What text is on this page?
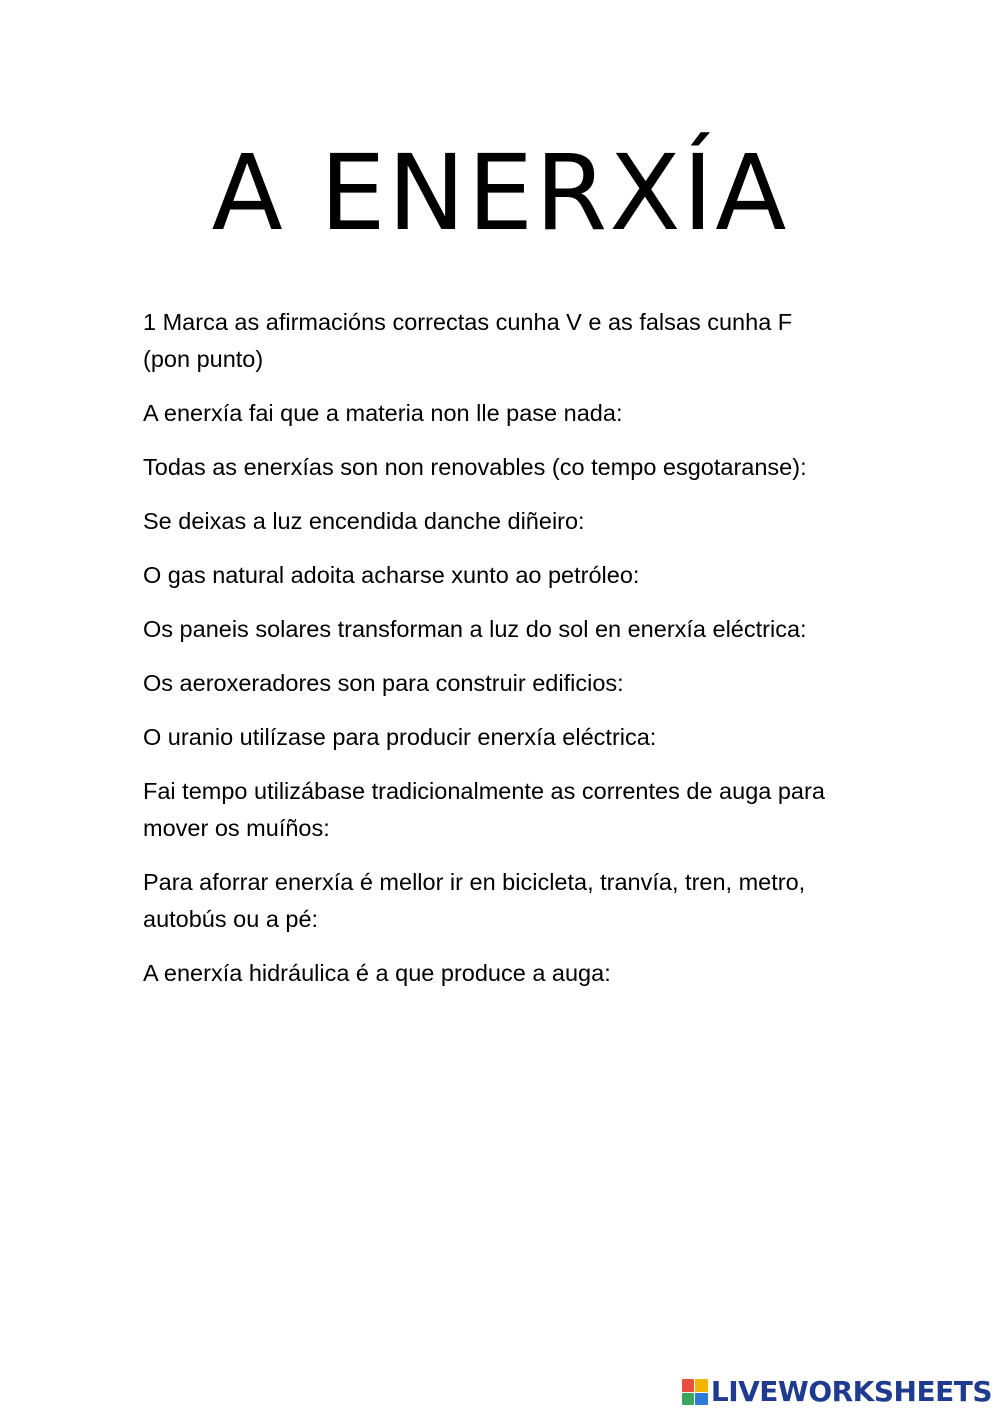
A ENERXÍA

1 Marca as afirmacións correctas cunha V e as falsas cunha F
(pon punto)

A enerxía fai que a materia non lle pase nada:

Todas as enerxías son non renovables (co tempo esgotaranse):

Se deixas a luz encendida danche diñeiro:

O gas natural adoita acharse xunto ao petróleo:

Os paneis solares transforman a luz do sol en enerxía eléctrica:

Os aeroxeradores son para construir edificios:

O uranio utilízase para producir enerxía eléctrica:

Fai tempo utilizábase tradicionalmente as correntes de auga para mover os muíños:

Para aforrar enerxía é mellor ir en bicicleta, tranvía, tren, metro, autobús ou a pé:

A enerxía hidráulica é a que produce a auga:

LIVEWORKSHEETS
